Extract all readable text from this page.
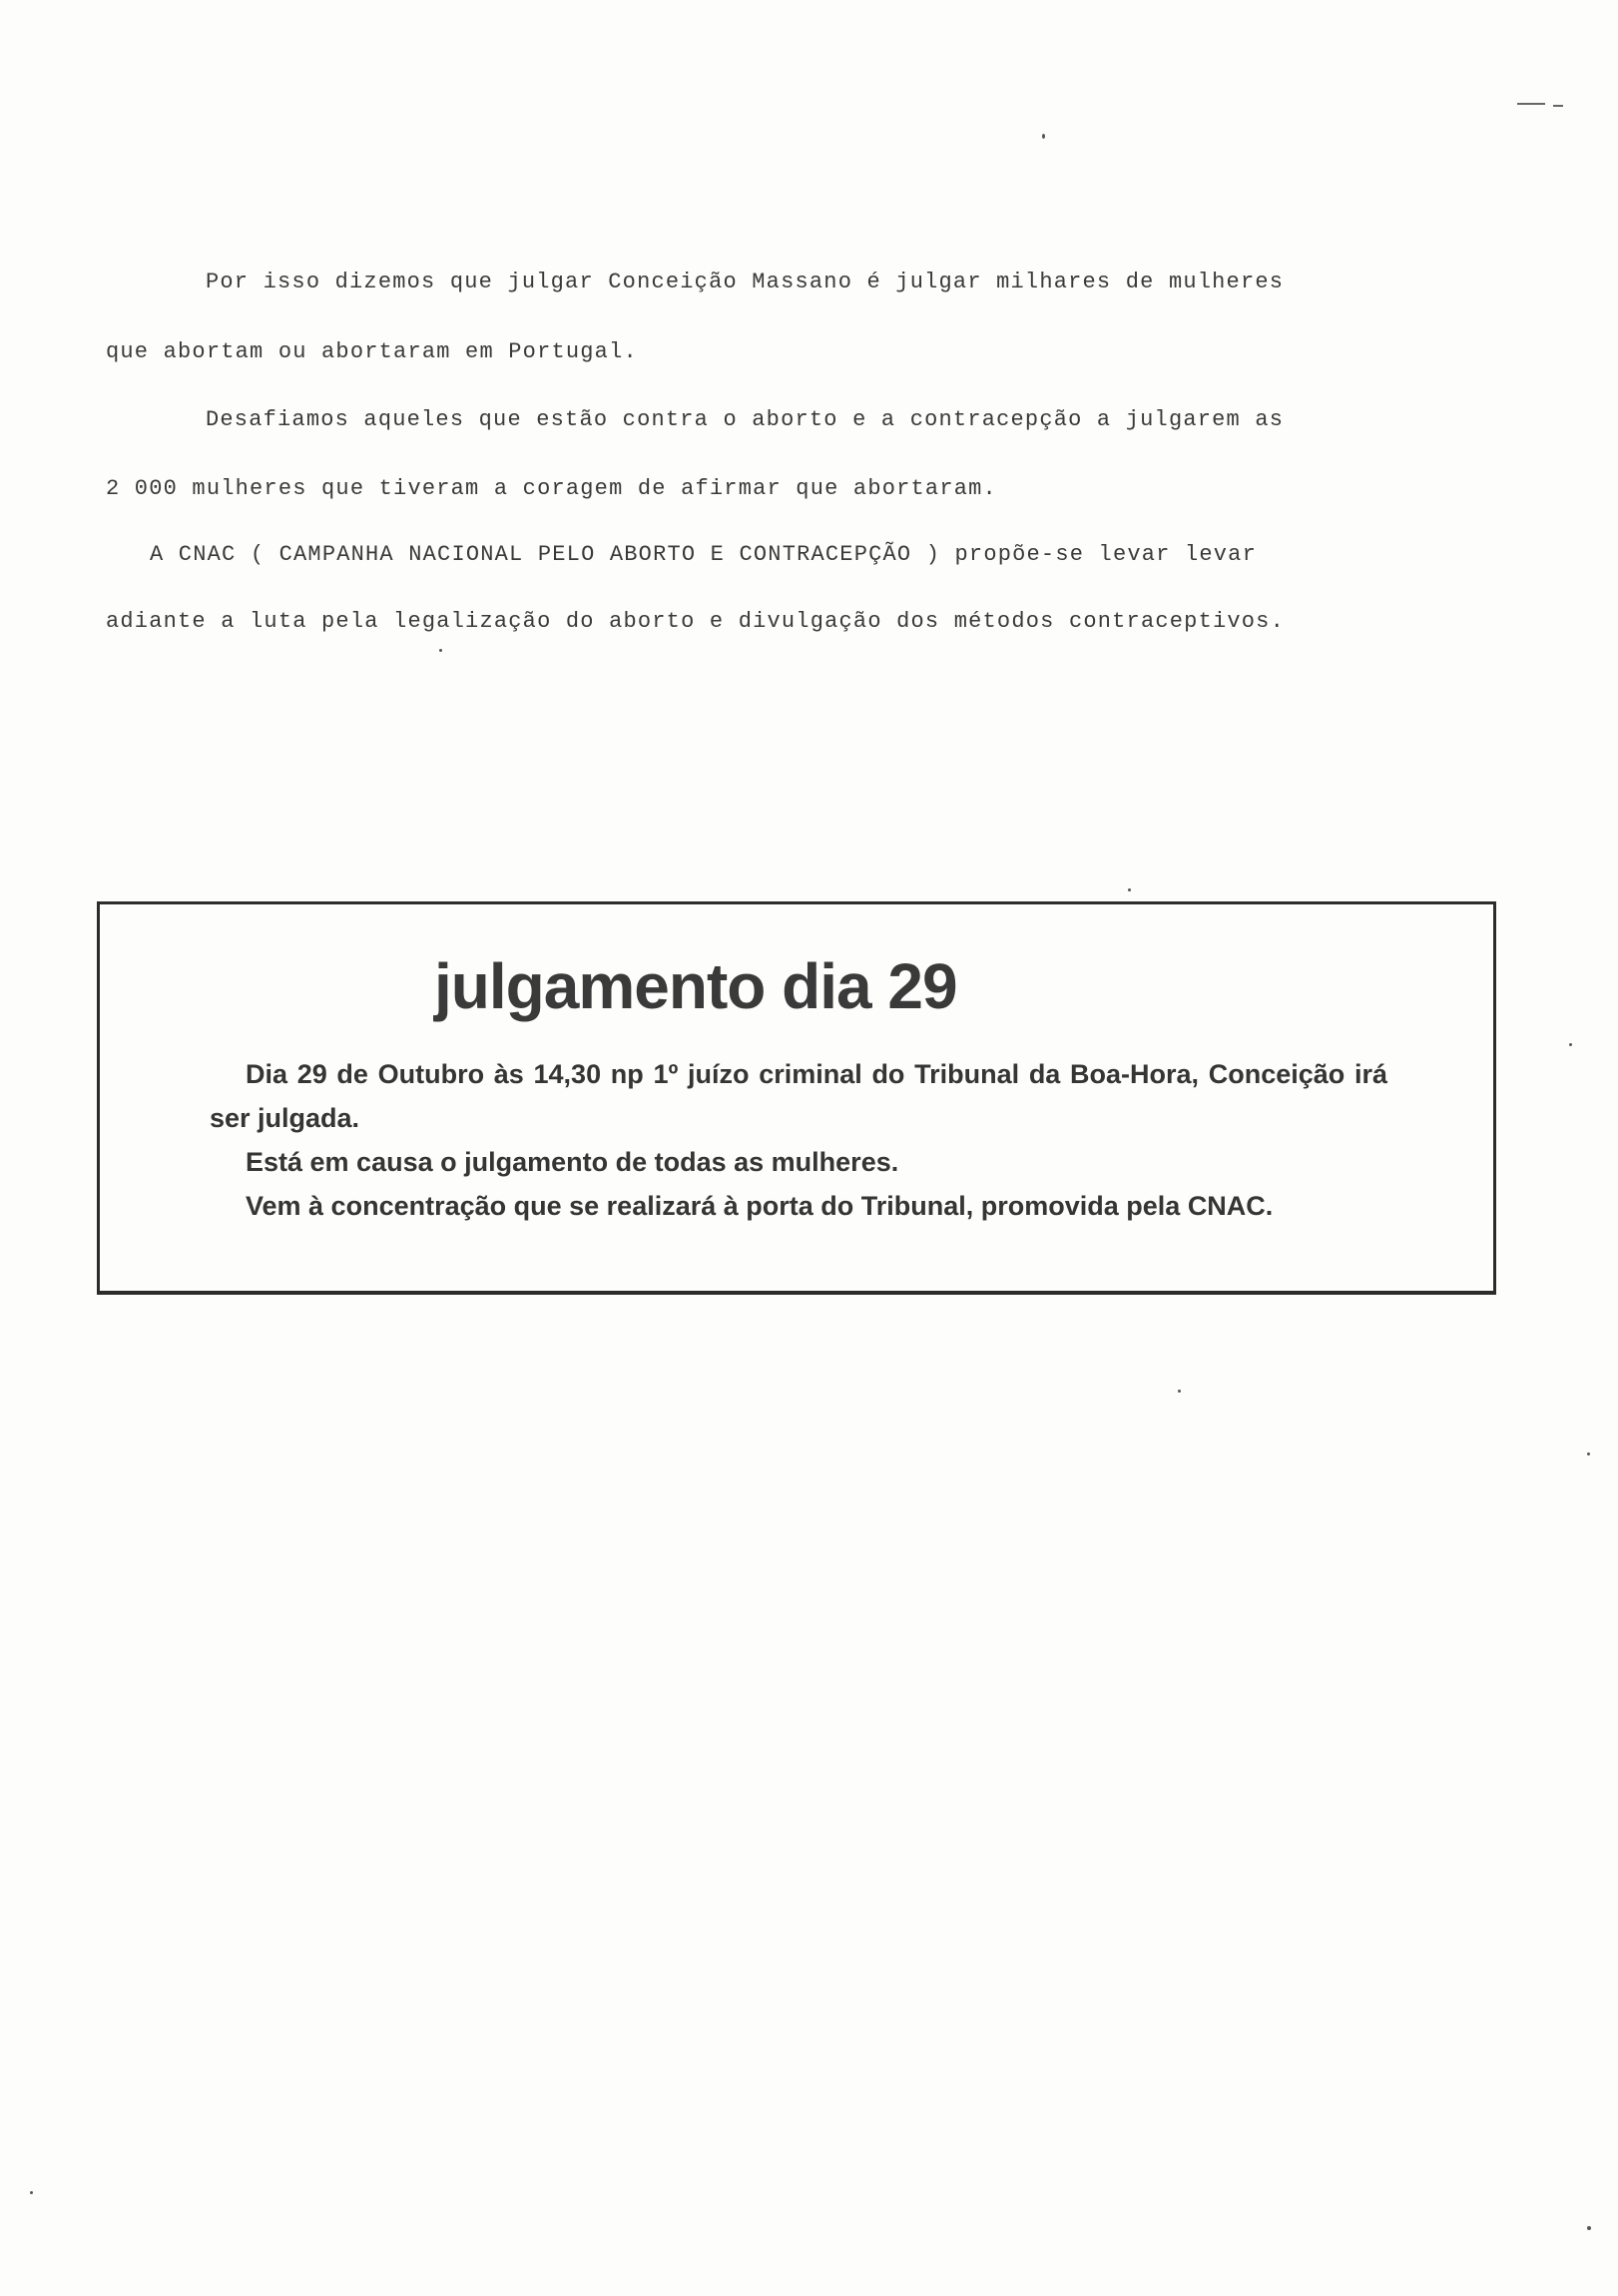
Por isso dizemos que julgar Conceição Massano é julgar milhares de mulheres
que abortam ou abortaram em Portugal.
Desafiamos aqueles que estão contra o aborto e a contracepção a julgarem as
2 000 mulheres que tiveram a coragem de afirmar que abortaram.
A CNAC ( CAMPANHA NACIONAL PELO ABORTO E CONTRACEPÇÃO ) propõe-se levar levar
adiante a luta pela legalização do aborto e divulgação dos métodos contraceptivos.
julgamento dia 29

Dia 29 de Outubro às 14,30 np 1º juízo criminal do Tribunal da Boa-Hora, Conceição irá ser julgada.

Está em causa o julgamento de todas as mulheres.

Vem à concentração que se realizará à porta do Tribunal, promovida pela CNAC.
